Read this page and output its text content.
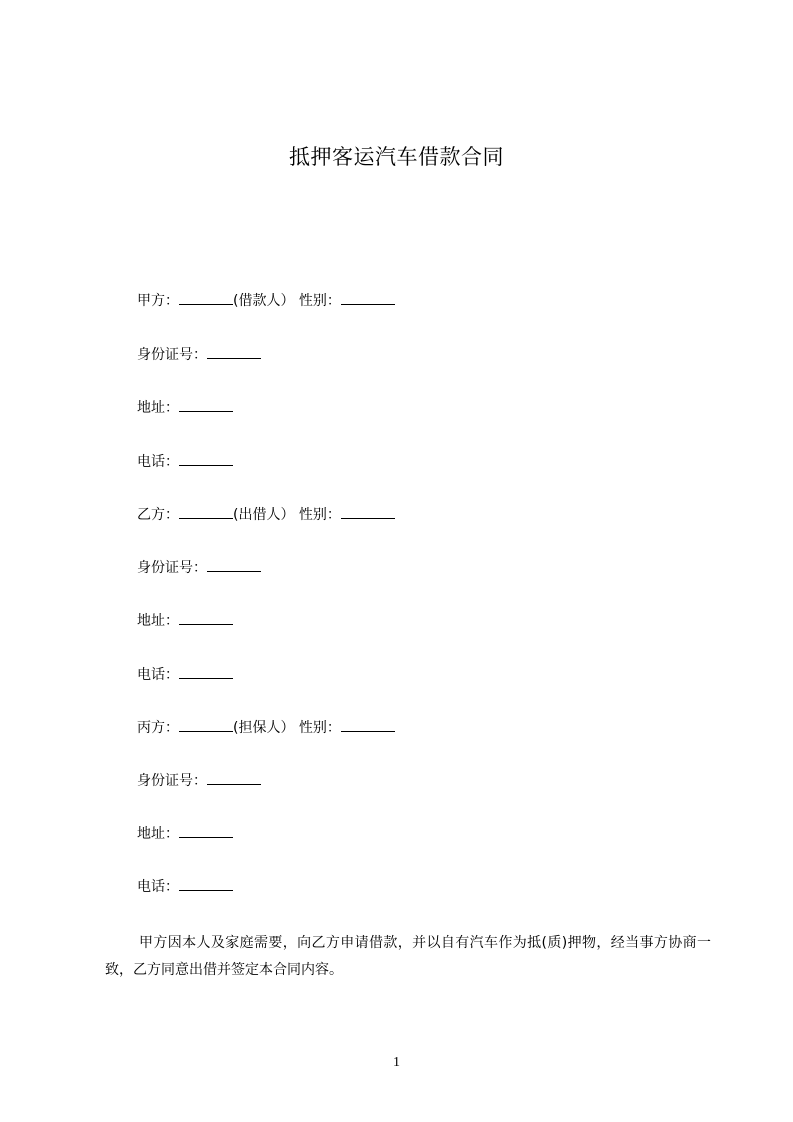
抵押客运汽车借款合同
甲方：	(借款人） 性别：
身份证号：
地址：
电话：
乙方：	(出借人） 性别：
身份证号：
地址：
电话：
丙方：	(担保人） 性别：
身份证号：
地址：
电话：
甲方因本人及家庭需要，向乙方申请借款，并以自有汽车作为抵(质)押物，经当事方协商一致，乙方同意出借并签定本合同内容。
1
